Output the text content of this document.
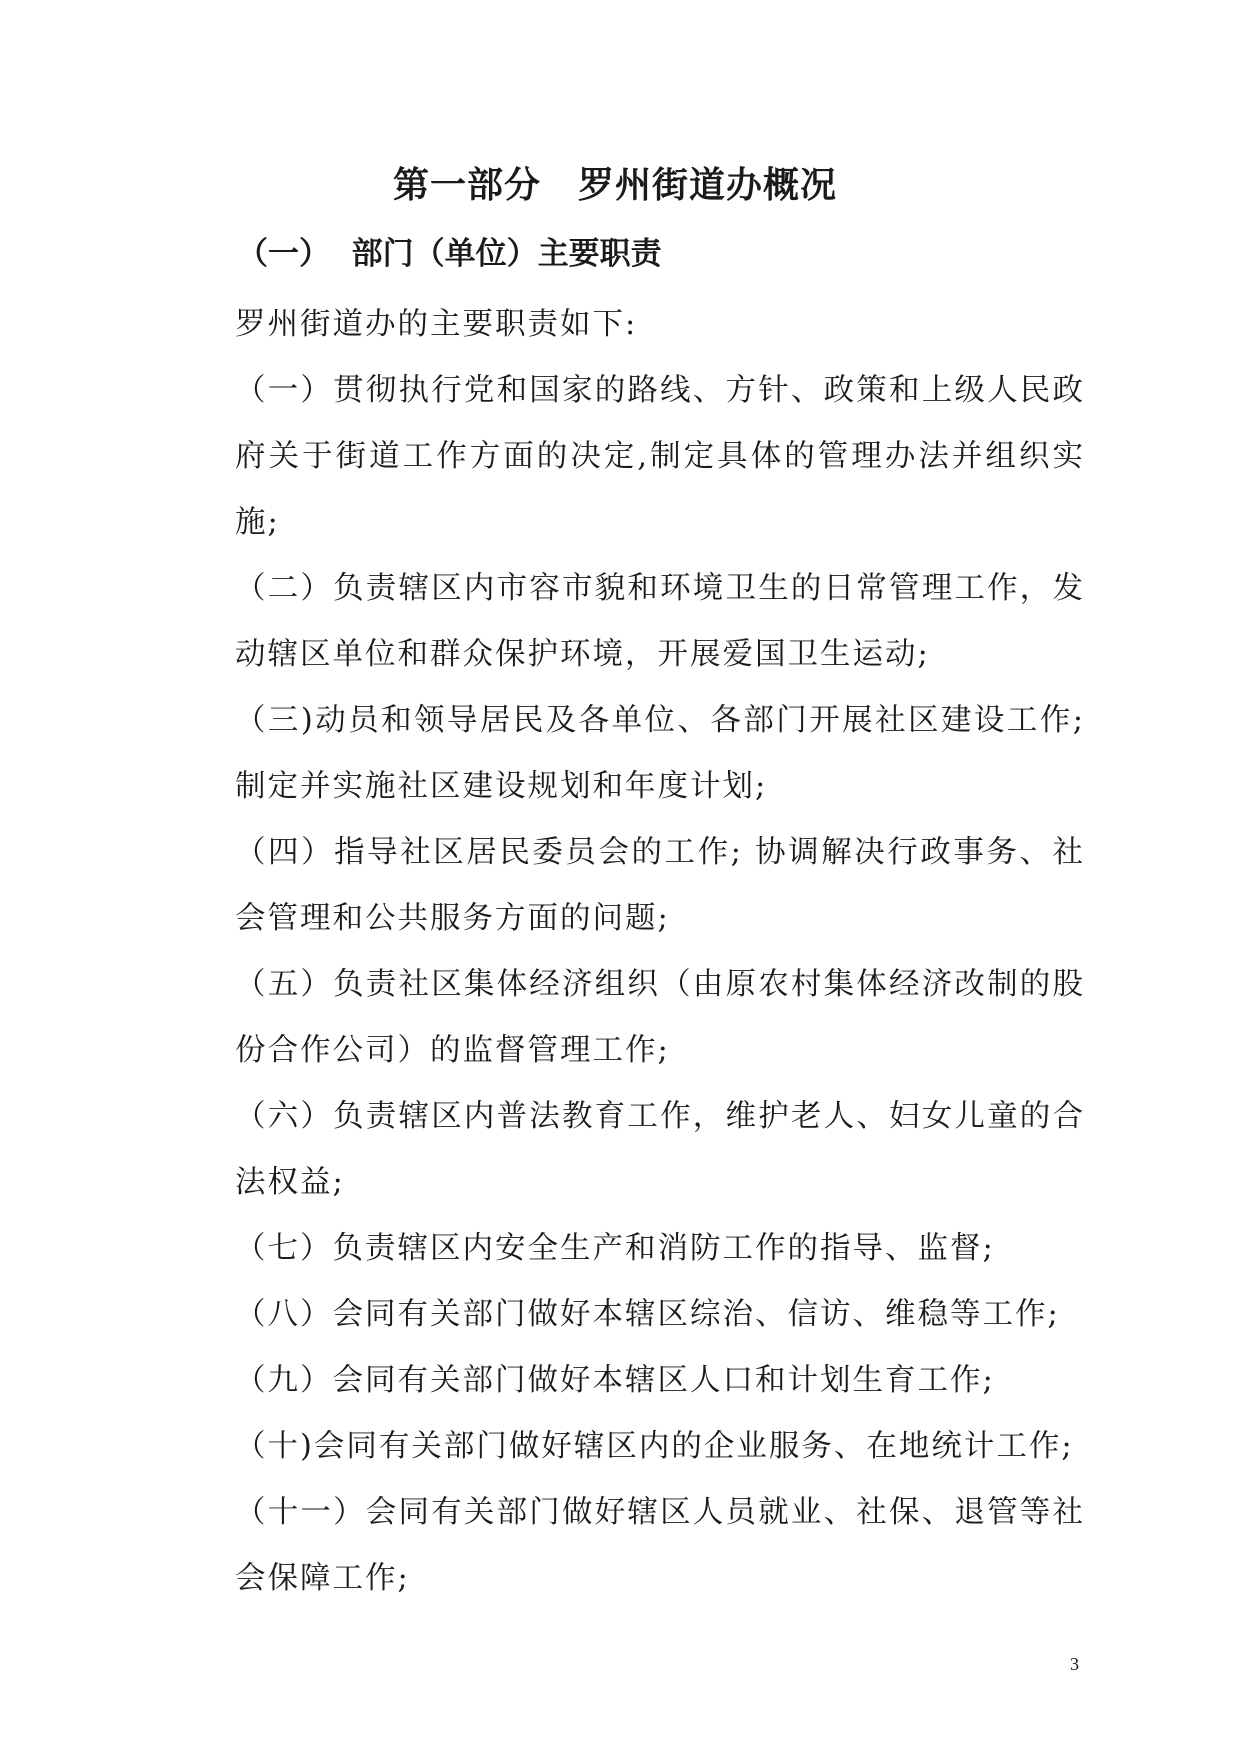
第一部分　罗州街道办概况
（一）  部门（单位）主要职责

罗州街道办的主要职责如下:

（一）贯彻执行党和国家的路线、方针、政策和上级人民政府关于街道工作方面的决定,制定具体的管理办法并组织实施;

（二）负责辖区内市容市貌和环境卫生的日常管理工作，发动辖区单位和群众保护环境，开展爱国卫生运动;

（三)动员和领导居民及各单位、各部门开展社区建设工作;制定并实施社区建设规划和年度计划;

（四）指导社区居民委员会的工作; 协调解决行政事务、社会管理和公共服务方面的问题;

（五）负责社区集体经济组织（由原农村集体经济改制的股份合作公司）的监督管理工作;

（六）负责辖区内普法教育工作，维护老人、妇女儿童的合法权益;

（七）负责辖区内安全生产和消防工作的指导、监督;

（八）会同有关部门做好本辖区综治、信访、维稳等工作;

（九）会同有关部门做好本辖区人口和计划生育工作;

（十)会同有关部门做好辖区内的企业服务、在地统计工作;

（十一）会同有关部门做好辖区人员就业、社保、退管等社会保障工作;

3
